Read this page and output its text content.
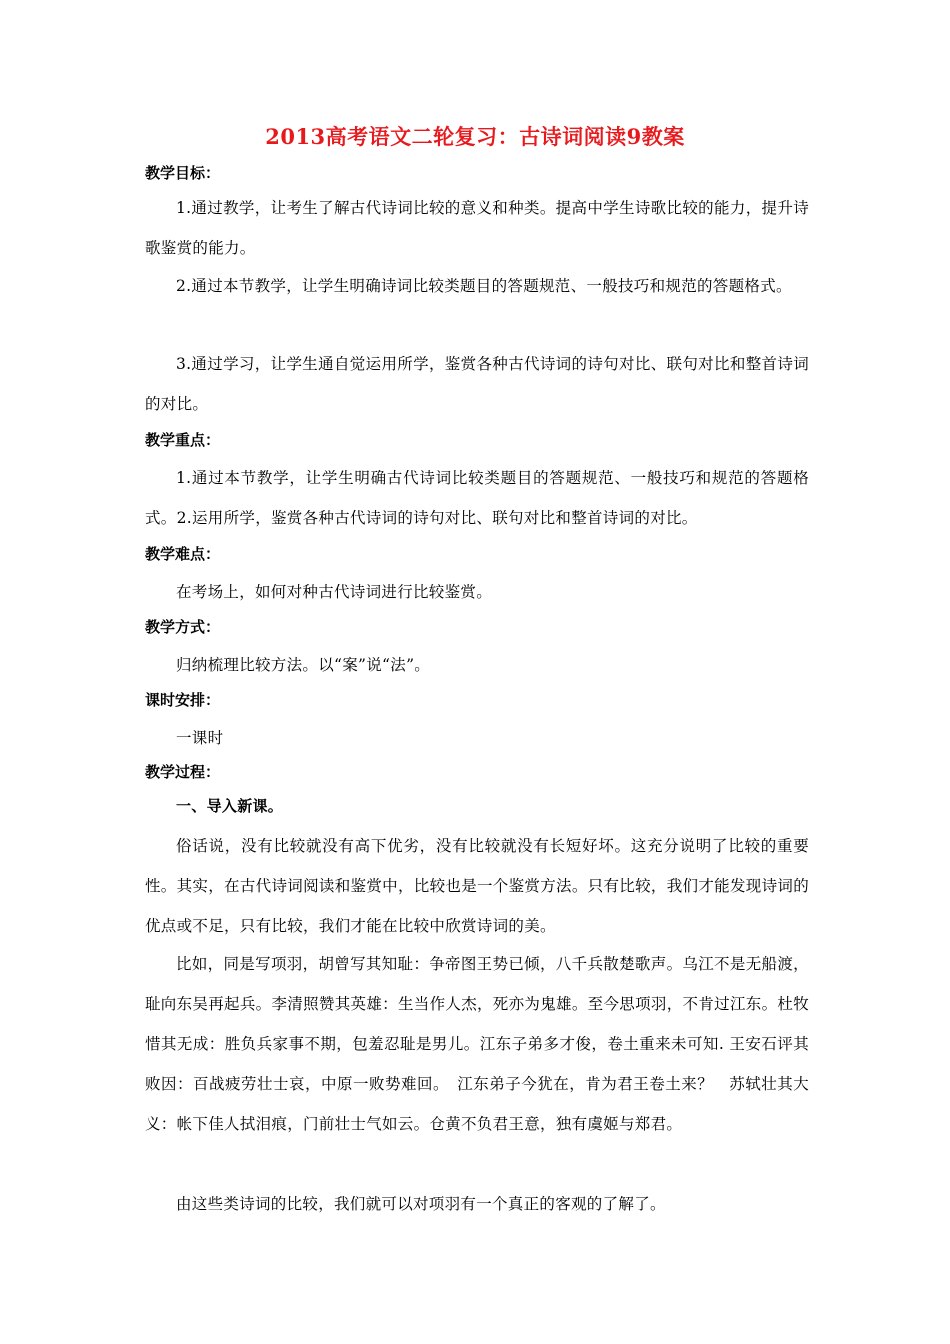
2013高考语文二轮复习：古诗词阅读9教案
教学目标：
1.通过教学，让考生了解古代诗词比较的意义和种类。提高中学生诗歌比较的能力，提升诗歌鉴赏的能力。
2.通过本节教学，让学生明确诗词比较类题目的答题规范、一般技巧和规范的答题格式。
3.通过学习，让学生通自觉运用所学，鉴赏各种古代诗词的诗句对比、联句对比和整首诗词的对比。
教学重点：
1.通过本节教学，让学生明确古代诗词比较类题目的答题规范、一般技巧和规范的答题格式。2.运用所学，鉴赏各种古代诗词的诗句对比、联句对比和整首诗词的对比。
教学难点：
在考场上，如何对种古代诗词进行比较鉴赏。
教学方式：
归纳梳理比较方法。以“案”说“法”。
课时安排：
一课时
教学过程：
一、导入新课。
俗话说，没有比较就没有高下优劣，没有比较就没有长短好坏。这充分说明了比较的重要性。其实，在古代诗词阅读和鉴赏中，比较也是一个鉴赏方法。只有比较，我们才能发现诗词的优点或不足，只有比较，我们才能在比较中欣赏诗词的美。
比如，同是写项羽，胡曾写其知耻：争帝图王势已倾，八千兵散楚歌声。乌江不是无船渡，耻向东吴再起兵。李清照赞其英雄：生当作人杰，死亦为鬼雄。至今思项羽，不肯过江东。杜牧惜其无成：胜负兵家事不期，包羞忍耻是男儿。江东子弟多才俊，卷土重来未可知. 王安石评其败因：百战疲劳壮士哀，中原一败势难回。　江东弟子今犹在，肯为君王卷土来？　苏轼壮其大义：帐下佳人拭泪痕，门前壮士气如云。仓黄不负君王意，独有虞姬与郑君。
由这些类诗词的比较，我们就可以对项羽有一个真正的客观的了解了。
